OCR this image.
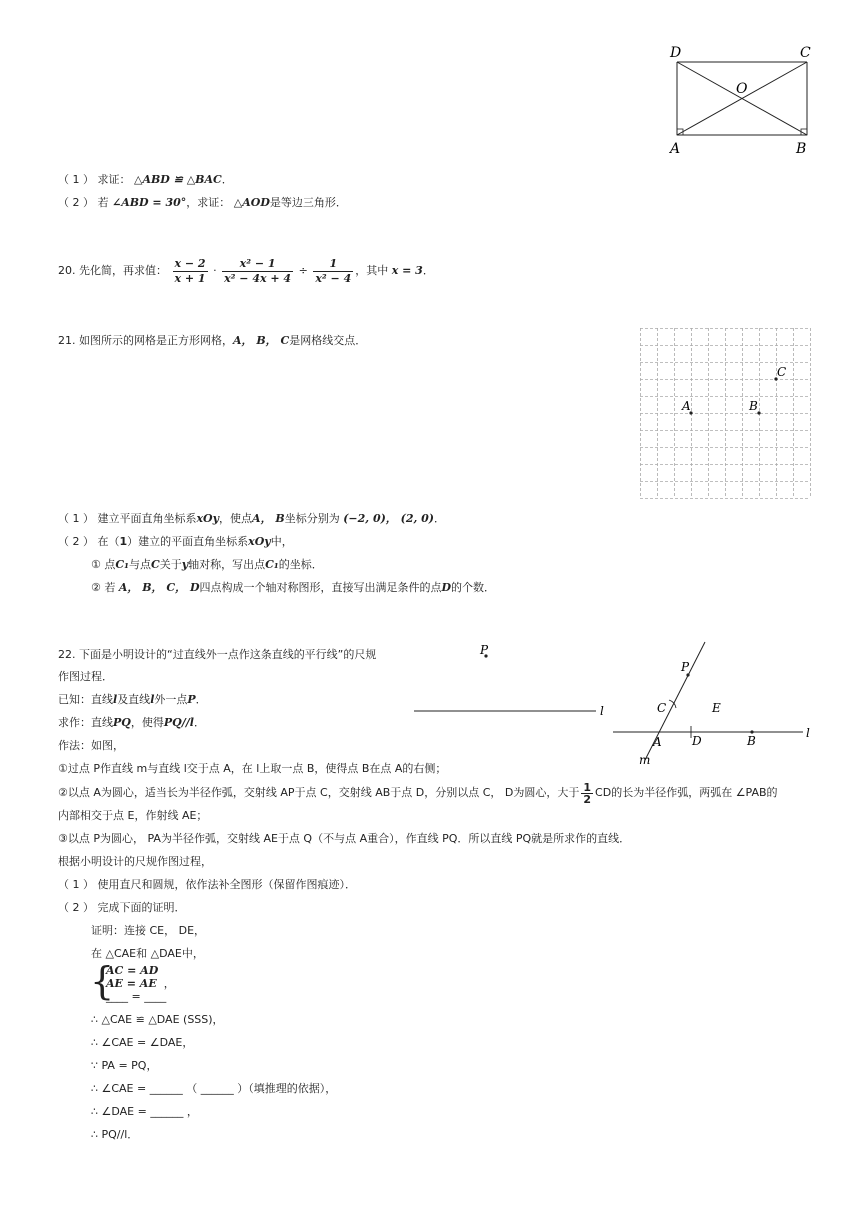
D	C
O
A	B
（ 1 ） 求证： △ABD ≌ △BAC．
（ 2 ） 若 ∠ABD = 30°，求证： △AOD是等边三角形．
20. 先化简，再求值： $\frac{x - 2}{x + 1} \cdot \frac{\text{x² − 1}}{\text{x² − 4x + 4}} \div \frac{1}{\text{x² − 4}}$ ，其中 x = 3．
21. 如图所示的网格是正方形网格，A， B， C是网格线交点．
A	B
C
（ 1 ） 建立平面直角坐标系xOy，使点A， B坐标分别为 (−2, 0)， (2, 0)．
（ 2 ） 在（1）建立的平面直角坐标系xOy中，
① 点C₁与点C关于y轴对称，写出点C₁的坐标．
② 若 A， B， C， D四点构成一个轴对称图形，直接写出满足条件的点D的个数．
22. 下面是小明设计的“过直线外一点作这条直线的平行线”的尺规
作图过程．
已知：直线l及直线l外一点P．
求作：直线PQ，使得PQ//l．
作法：如图，
①过点 P作直线 m与直线 l交于点 A，在 l上取一点 B，使得点 B在点 A的右侧；
②以点 A为圆心，适当长为半径作弧，交射线 AP于点 C，交射线 AB于点 D，分别以点 C， D为圆心，大于 $\frac{1}{2}$ CD的长为半径作弧，两弧在 ∠PAB的
内部相交于点 E，作射线 AE；
③以点 P为圆心， PA为半径作弧，交射线 AE于点 Q（不与点 A重合），作直线 PQ．所以直线 PQ就是所求作的直线．
根据小明设计的尺规作图过程，
（ 1 ） 使用直尺和圆规，依作法补全图形（保留作图痕迹）．
（ 2 ） 完成下面的证明．
证明：连接 CE， DE，
在 △CAE和 △DAE中，
{
AC = AD
AE = AE ，
____ = ____
∴ △CAE ≌ △DAE (SSS)，
∴ ∠CAE = ∠DAE，
∵ PA = PQ，
∴ ∠CAE = ______ （ ______ ）（填推理的依据），
∴ ∠DAE = ______ ，
∴ PQ//l．
P
l
P
C	E
A	D	B
l
m
